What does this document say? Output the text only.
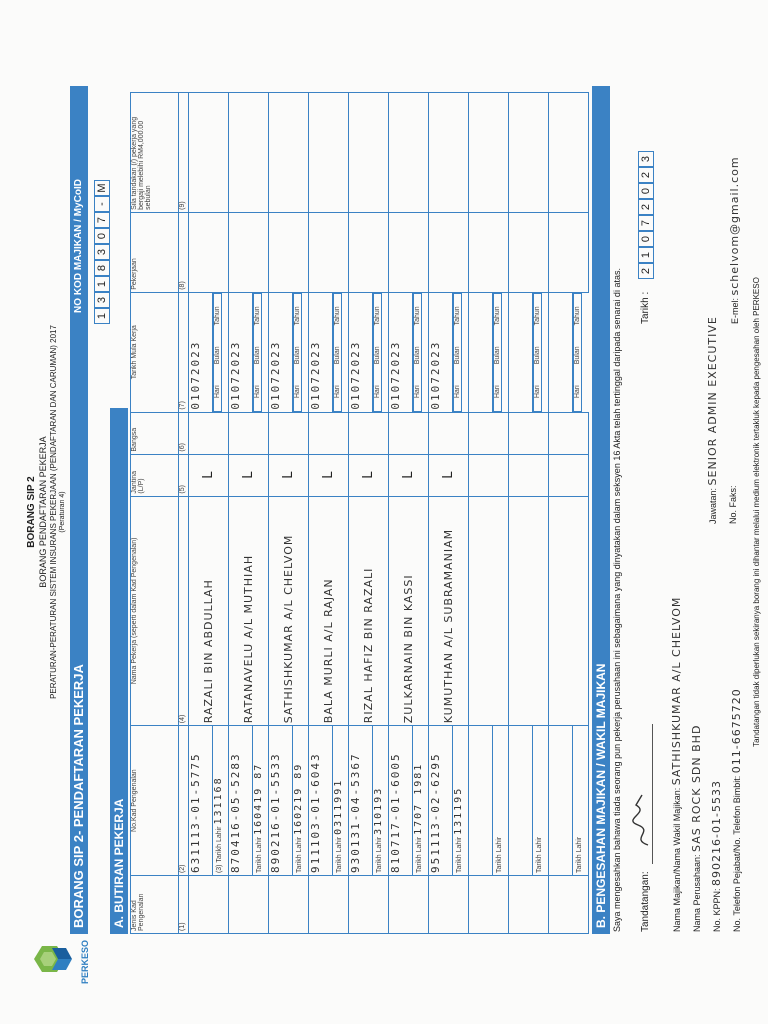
PERKESO
BORANG SIP 2 BORANG PENDAFTARAN PEKERJA PERATURAN-PERATURAN SISTEM INSURANS PEKERJAAN (PENDAFTARAN DAN CARUMAN) 2017 (Peraturan 4)
BORANG SIP 2- PENDAFTARAN PEKERJA
NO KOD MAJIKAN / MyCoID
1
3
1
8
3
0
7
-
M
A. BUTIRAN PEKERJA Jenis Kad Pengenalan	No.Kad Pengenalan	Nama Pekerja (seperti dalam Kad Pengenalan)	Jantina (L/P)	Bangsa	Tarikh Mula Kerja	Pekerjaan	Sila tandakan (/) pekerja yang bergaji melebihi RM4,000.00 sebulan
(1)	(2)	(4)	(5)	(6)	(7)	(8)	(9)
	631113-01-5775	RAZALI BIN ABDULLAH	L		01072023		
	(3) Tarikh Lahir 131168	
Hari
Bulan
Tahun

	870416-05-5283	RATANAVELU A/L MUTHIAH	L		01072023		
	Tarikh Lahir 160419 87	
Hari
Bulan
Tahun

	890216-01-5533	SATHISHKUMAR A/L CHELVOM	L		01072023		
	Tarikh Lahir 160219 89	
Hari
Bulan
Tahun

	911103-01-6043	BALA MURLI A/L RAJAN	L		01072023		
	Tarikh Lahir 0311991	
Hari
Bulan
Tahun

	930131-04-5367	RIZAL HAFIZ BIN RAZALI	L		01072023		
	Tarikh Lahir 310193	
Hari
Bulan
Tahun

	810717-01-6005	ZULKARNAIN BIN KASSI	L		01072023		
	Tarikh Lahir 1707 1981	
Hari
Bulan
Tahun

	951113-02-6295	KUMUTHAN A/L SUBRAMANIAM	L		01072023		
	Tarikh Lahir 131195	
Hari
Bulan
Tahun

	Tarikh Lahir	
Hari
Bulan
Tahun

	Tarikh Lahir	
Hari
Bulan
Tahun

	Tarikh Lahir	
Hari
Bulan
Tahun
B. PENGESAHAN MAJIKAN / WAKIL MAJIKAN Saya mengesahkan bahawa tiada seorang pun pekerja perusahaan ini sebagaimana yang dinyatakan dalam seksyen 16 Akta telah tertinggal daripada senarai di atas. Tandatangan:
Tarikh :
2
1
0
7
2
0
2
3
Nama Majikan/Nama Wakil Majikan: SATHISHKUMAR A/L CHELVOM
Nama Perusahaan: SAS ROCK SDN BHD
No. KPPN: 890216-01-5533 No. Telefon Pejabat/No. Telefon Bimbit: 011-6675720
Jawatan: SENIOR ADMIN EXECUTIVE
No. Faks:
E-mel: schelvom@gmail.com
Tandatangan tidak diperlukan sekiranya borang ini dihantar melalui medium elektronik tertakluk kepada pengesahan oleh PERKESO
